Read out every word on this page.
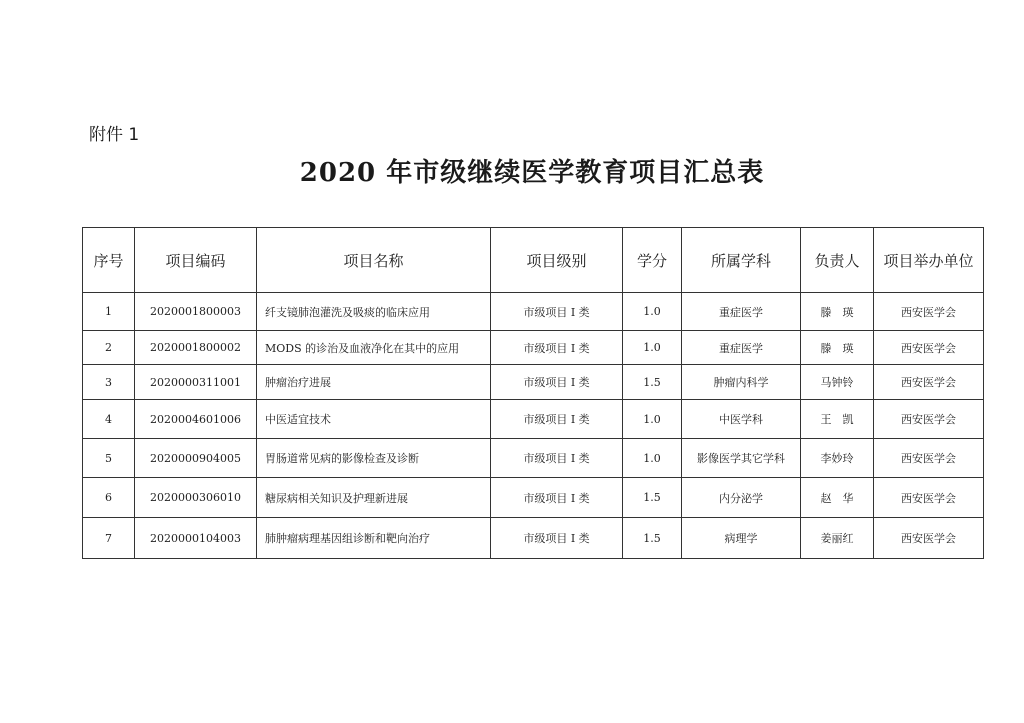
附件 1
2020 年市级继续医学教育项目汇总表
序号	项目编码	项目名称	项目级别	学分	所属学科	负责人	项目举办单位
1	2020001800003	纤支镜肺泡灌洗及吸痰的临床应用	市级项目 I 类	1.0	重症医学	滕　瑛	西安医学会
2	2020001800002	MODS 的诊治及血液净化在其中的应用	市级项目 I 类	1.0	重症医学	滕　瑛	西安医学会
3	2020000311001	肿瘤治疗进展	市级项目 I 类	1.5	肿瘤内科学	马钟铃	西安医学会
4	2020004601006	中医适宜技术	市级项目 I 类	1.0	中医学科	王　凯	西安医学会
5	2020000904005	胃肠道常见病的影像检查及诊断	市级项目 I 类	1.0	影像医学其它学科	李妙玲	西安医学会
6	2020000306010	糖尿病相关知识及护理新进展	市级项目 I 类	1.5	内分泌学	赵　华	西安医学会
7	2020000104003	肺肿瘤病理基因组诊断和靶向治疗	市级项目 I 类	1.5	病理学	姜丽红	西安医学会
